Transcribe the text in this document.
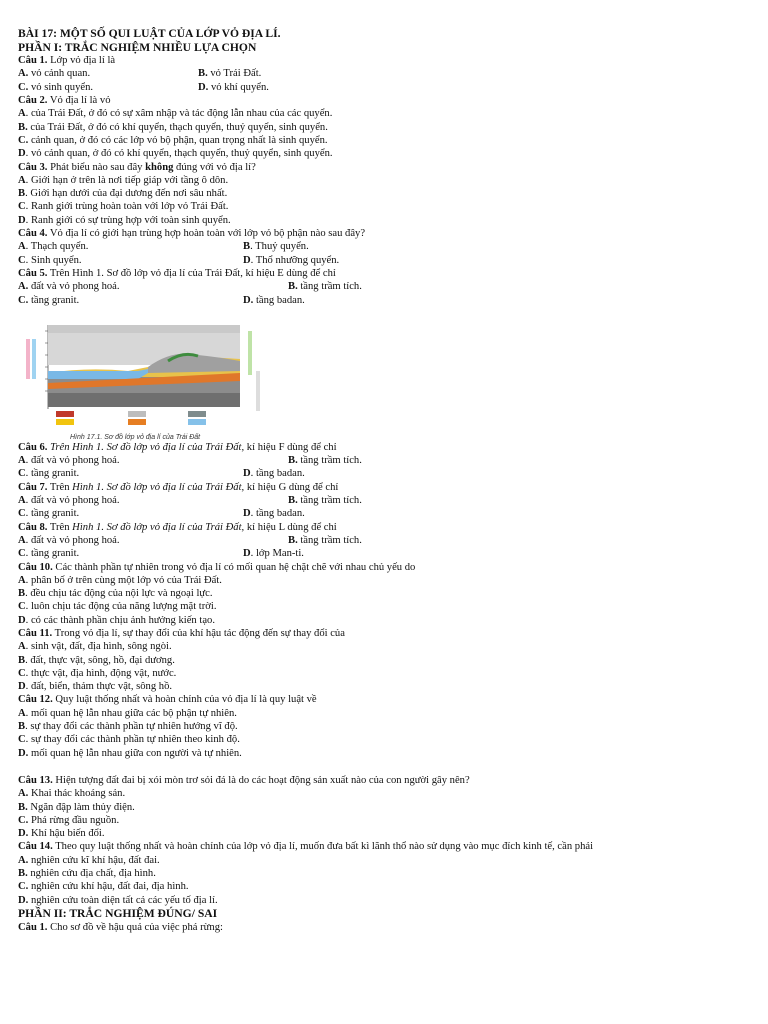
BÀI 17: MỘT SỐ QUI LUẬT CỦA LỚP VỎ ĐỊA LÍ.
PHẦN I: TRẮC NGHIỆM NHIỀU LỰA CHỌN
Câu 1. Lớp vỏ địa lí là
A. vỏ cảnh quan.	B. vỏ Trái Đất.
C. vỏ sinh quyển.	D. vỏ khí quyển.
Câu 2. Vỏ địa lí là vỏ
A. của Trái Đất, ở đó có sự xâm nhập và tác động lẫn nhau của các quyển.
B. của Trái Đất, ở đó có khí quyển, thạch quyển, thuỷ quyển, sinh quyển.
C. cảnh quan, ở đó có các lớp vỏ bộ phận, quan trọng nhất là sinh quyển.
D. vỏ cảnh quan, ở đó có khí quyển, thạch quyển, thuỷ quyển, sinh quyển.
Câu 3. Phát biểu nào sau đây không đúng với vỏ địa lí?
A. Giới hạn ở trên là nơi tiếp giáp với tầng ô dôn.
B. Giới hạn dưới của đại dương đến nơi sâu nhất.
C. Ranh giới trùng hoàn toàn với lớp vỏ Trái Đất.
D. Ranh giới có sự trùng hợp với toàn sinh quyển.
Câu 4. Vỏ địa lí có giới hạn trùng hợp hoàn toàn với lớp vỏ bộ phận nào sau đây?
A. Thạch quyển.	B. Thuỷ quyển.
C. Sinh quyển.	D. Thổ nhưỡng quyển.
Câu 5. Trên Hình 1. Sơ đồ lớp vỏ địa lí của Trái Đất, kí hiệu E dùng để chỉ
A. đất và vỏ phong hoá.	B. tầng trầm tích.
C. tầng granit.	D. tầng badan.
Hình 17.1. Sơ đồ lớp vỏ địa lí của Trái Đất
Câu 6. Trên Hình 1. Sơ đồ lớp vỏ địa lí của Trái Đất, kí hiệu F dùng để chỉ
A. đất và vỏ phong hoá.	B. tầng trầm tích.
C. tầng granit.	D. tầng badan.
Câu 7. Trên Hình 1. Sơ đồ lớp vỏ địa lí của Trái Đất, kí hiệu G dùng để chỉ
A. đất và vỏ phong hoá.	B. tầng trầm tích.
C. tầng granit.	D. tầng badan.
Câu 8. Trên Hình 1. Sơ đồ lớp vỏ địa lí của Trái Đất, kí hiệu L dùng để chỉ
A. đất và vỏ phong hoá.	B. tầng trầm tích.
C. tầng granit.	D. lớp Man-ti.
Câu 10. Các thành phần tự nhiên trong vỏ địa lí có mối quan hệ chặt chẽ với nhau chủ yếu do
A. phân bố ở trên cùng một lớp vỏ của Trái Đất.
B. đều chịu tác động của nội lực và ngoại lực.
C. luôn chịu tác động của năng lượng mặt trời.
D. có các thành phần chịu ảnh hưởng kiến tạo.
Câu 11. Trong vỏ địa lí, sự thay đổi của khí hậu tác động đến sự thay đổi của
A. sinh vật, đất, địa hình, sông ngòi.
B. đất, thực vật, sông, hồ, đại dương.
C. thực vật, địa hình, động vật, nước.
D. đất, biển, thảm thực vật, sông hồ.
Câu 12. Quy luật thống nhất và hoàn chỉnh của vỏ địa lí là quy luật về
A. mối quan hệ lẫn nhau giữa các bộ phận tự nhiên.
B. sự thay đổi các thành phần tự nhiên hướng vĩ độ.
C. sự thay đổi các thành phần tự nhiên theo kinh độ.
D. mối quan hệ lẫn nhau giữa con người và tự nhiên.
Câu 13. Hiện tượng đất đai bị xói mòn trơ sỏi đá là do các hoạt động sản xuất nào của con người gây nên?
A. Khai thác khoáng sản.
B. Ngăn đập làm thủy điện.
C. Phá rừng đầu nguồn.
D. Khí hậu biến đổi.
Câu 14. Theo quy luật thống nhất và hoàn chỉnh của lớp vỏ địa lí, muốn đưa bất kì lãnh thổ nào sử dụng vào mục đích kinh tế, cần phải
A. nghiên cứu kĩ khí hậu, đất đai.
B. nghiên cứu địa chất, địa hình.
C. nghiên cứu khí hậu, đất đai, địa hình.
D. nghiên cứu toàn diện tất cả các yếu tố địa lí.
PHẦN II: TRẮC NGHIỆM ĐÚNG/ SAI
Câu 1. Cho sơ đồ về hậu quả của việc phá rừng:
